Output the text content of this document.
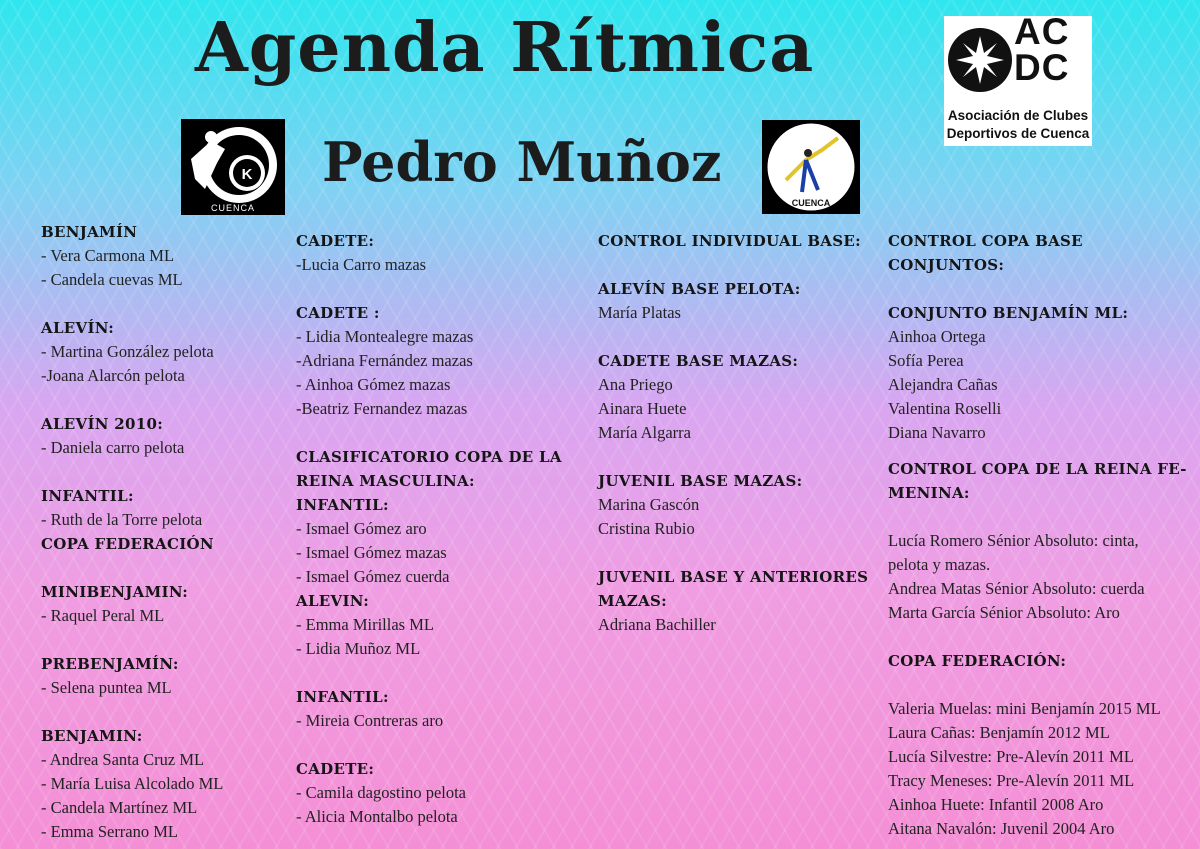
Agenda Rítmica
Pedro Muñoz
AC
DC
Asociación de Clubes
Deportivos de Cuenca
K
CUENCA	CUENCA
BENJAMÍN
- Vera Carmona ML
- Candela cuevas ML
ALEVÍN:
- Martina González pelota
-Joana Alarcón pelota
ALEVÍN 2010:
- Daniela carro pelota
INFANTIL:
- Ruth de la Torre pelota
COPA FEDERACIÓN
MINIBENJAMIN:
- Raquel Peral ML
PREBENJAMÍN:
- Selena puntea ML
BENJAMIN:
- Andrea Santa Cruz ML
- María Luisa Alcolado ML
- Candela Martínez ML
- Emma Serrano ML
CADETE:
-Lucia Carro mazas
CADETE :
- Lidia Montealegre mazas
-Adriana Fernández mazas
- Ainhoa Gómez mazas
-Beatriz Fernandez mazas
CLASIFICATORIO COPA DE LA
REINA MASCULINA:
INFANTIL:
- Ismael Gómez aro
- Ismael Gómez mazas
- Ismael Gómez cuerda
ALEVIN:
- Emma Mirillas ML
- Lidia Muñoz ML
INFANTIL:
- Mireia Contreras aro
CADETE:
- Camila dagostino pelota
- Alicia Montalbo pelota
CONTROL INDIVIDUAL BASE:
ALEVÍN BASE PELOTA:
María Platas
CADETE BASE MAZAS:
Ana Priego
Ainara Huete
María Algarra
JUVENIL BASE MAZAS:
Marina Gascón
Cristina Rubio
JUVENIL BASE Y ANTERIORES
MAZAS:
Adriana Bachiller
CONTROL COPA BASE CONJUNTOS:
CONJUNTO BENJAMÍN ML:
Ainhoa Ortega
Sofía Perea
Alejandra Cañas
Valentina Roselli
Diana Navarro
CONTROL COPA DE LA REINA FE-
MENINA:
Lucía Romero Sénior Absoluto: cinta,
pelota y mazas.
Andrea Matas Sénior Absoluto: cuerda
Marta García Sénior Absoluto: Aro
COPA FEDERACIÓN:
Valeria Muelas: mini Benjamín 2015 ML
Laura Cañas: Benjamín 2012 ML
Lucía Silvestre: Pre-Alevín 2011 ML
Tracy Meneses: Pre-Alevín 2011 ML
Ainhoa Huete: Infantil 2008 Aro
Aitana Navalón: Juvenil 2004 Aro
